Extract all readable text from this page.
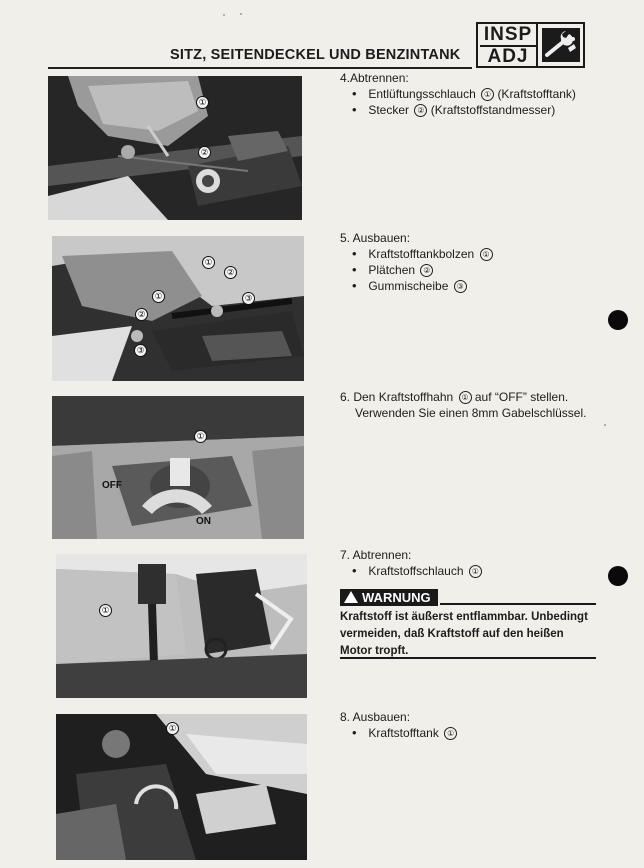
SITZ, SEITENDECKEL UND BENZINTANK
INSP
ADJ
①
②
①
②
①
②
③
③
①
OFF
ON
①
①
4.Abtrennen:
• Entlüftungsschlauch ① (Kraftstofftank)
• Stecker ② (Kraftstoffstandmesser)
5. Ausbauen:
• Kraftstofftankbolzen ①
• Plätchen ②
• Gummischeibe ③
6. Den Kraftstoffhahn ① auf “OFF” stellen.
Verwenden Sie einen 8mm Gabelschlüssel.
7. Abtrennen:
• Kraftstoffschlauch ①
WARNUNG
Kraftstoff ist äußerst entflammbar. Unbedingt vermeiden, daß Kraftstoff auf den heißen Motor tropft.
8. Ausbauen:
• Kraftstofftank ①
